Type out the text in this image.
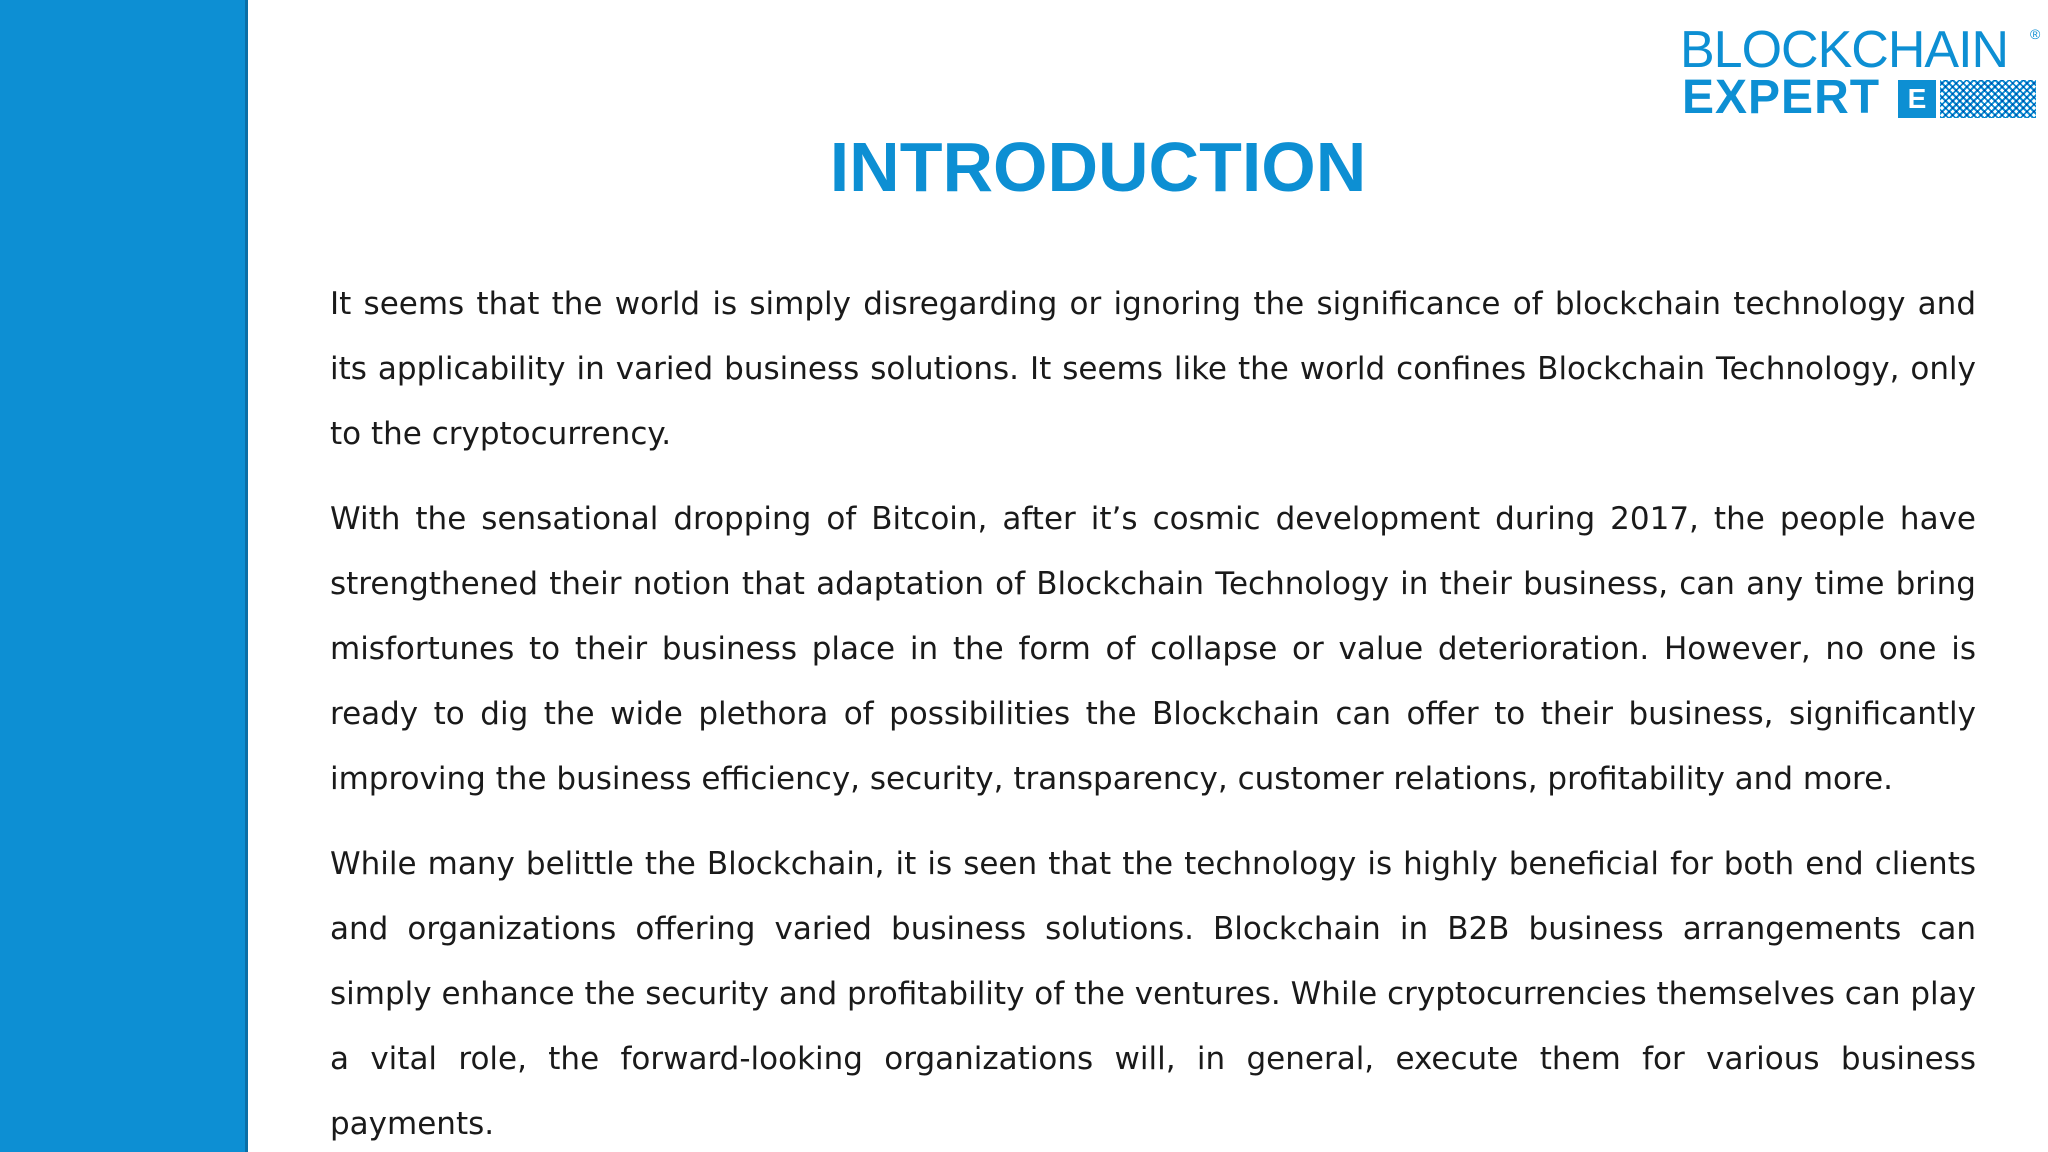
BLOCKCHAIN ®
EXPERT E
INTRODUCTION

It seems that the world is simply disregarding or ignoring the significance of blockchain technology and its applicability in varied business solutions. It seems like the world confines Blockchain Technology, only to the cryptocurrency.

With the sensational dropping of Bitcoin, after it’s cosmic development during 2017, the people have strengthened their notion that adaptation of Blockchain Technology in their business, can any time bring misfortunes to their business place in the form of collapse or value deterioration. However, no one is ready to dig the wide plethora of possibilities the Blockchain can offer to their business, significantly improving the business efficiency, security, transparency, customer relations, profitability and more.

While many belittle the Blockchain, it is seen that the technology is highly beneficial for both end clients and organizations offering varied business solutions. Blockchain in B2B business arrangements can simply enhance the security and profitability of the ventures. While cryptocurrencies themselves can play a vital role, the forward-looking organizations will, in general, execute them for various business payments.
